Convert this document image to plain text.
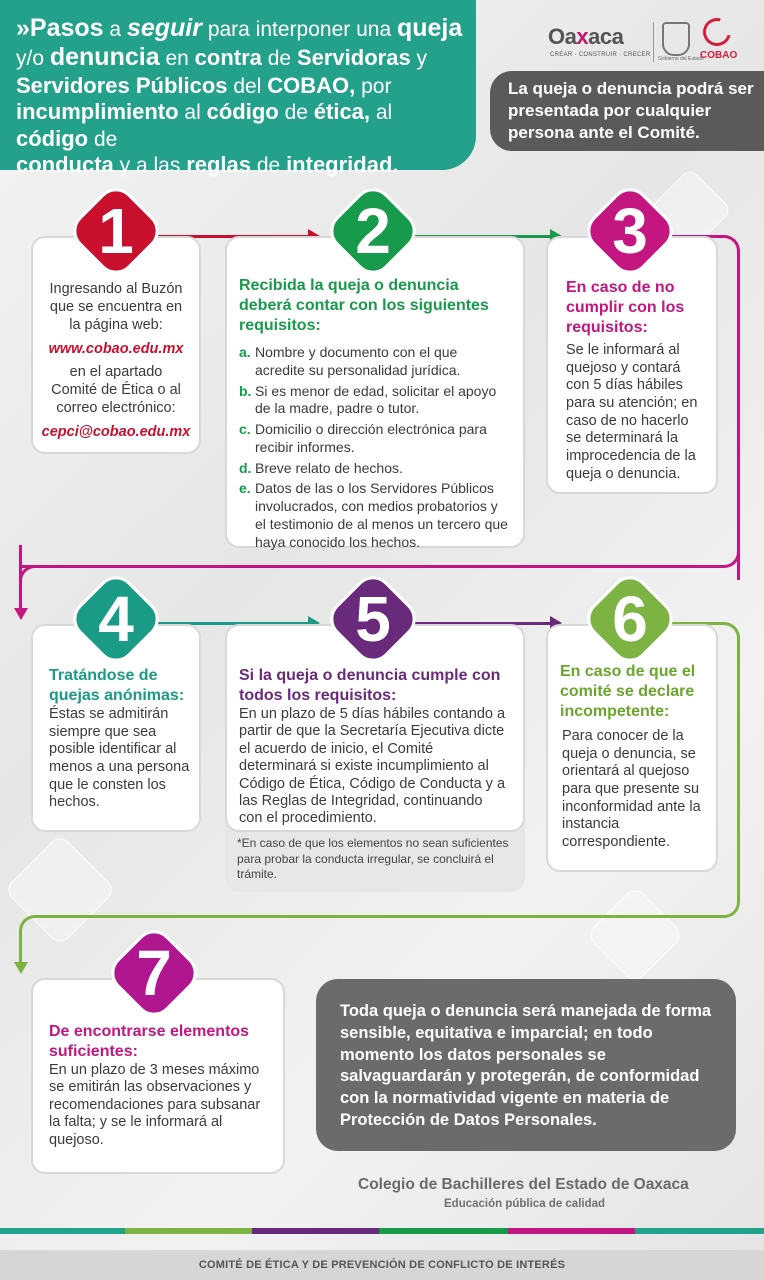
»Pasos a seguir para interponer una queja
y/o denuncia en contra de Servidoras y
Servidores Públicos del COBAO, por
incumplimiento al código de ética, al código de
conducta y a las reglas de integridad.
Oaxaca
CREAR · CONSTRUIR · CRECER
Gobierno del Estado
COBAO
La queja o denuncia podrá ser presentada por cualquier persona ante el Comité.
Ingresando al Buzón
que se encuentra en
la página web:
www.cobao.edu.mx
en el apartado
Comité de Ética o al
correo electrónico:
cepci@cobao.edu.mx
1
Recibida la queja o denuncia deberá contar con los siguientes requisitos:
a. Nombre y documento con el que acredite su personalidad jurídica.
b. Si es menor de edad, solicitar el apoyo de la madre, padre o tutor.
c. Domicilio o dirección electrónica para recibir informes.
d. Breve relato de hechos.
e. Datos de las o los Servidores Públicos involucrados, con medios probatorios y el testimonio de al menos un tercero que haya conocido los hechos.
2
En caso de no cumplir con los requisitos:
Se le informará al quejoso y contará con 5 días hábiles para su atención; en caso de no hacerlo se determinará la improcedencia de la queja o denuncia.
3
Tratándose de quejas anónimas:
Éstas se admitirán siempre que sea posible identificar al menos a una persona que le consten los hechos.
4
*En caso de que los elementos no sean suficientes para probar la conducta irregular, se concluirá el trámite.
Si la queja o denuncia cumple con todos los requisitos:
En un plazo de 5 días hábiles contando a partir de que la Secretaría Ejecutiva dicte el acuerdo de inicio, el Comité determinará si existe incumplimiento al Código de Ética, Código de Conducta y a las Reglas de Integridad, continuando con el procedimiento.
5
En caso de que el comité se declare incompetente:
Para conocer de la queja o denuncia, se orientará al quejoso para que presente su inconformidad ante la instancia correspondiente.
6
De encontrarse elementos suficientes:
En un plazo de 3 meses máximo se emitirán las observaciones y recomendaciones para subsanar la falta; y se le informará al quejoso.
7
Toda queja o denuncia será manejada de forma sensible, equitativa e imparcial; en todo momento los datos personales se salvaguardarán y protegerán, de conformidad con la normatividad vigente en materia de Protección de Datos Personales.
Colegio de Bachilleres del Estado de Oaxaca
Educación pública de calidad
COMITÉ DE ÉTICA Y DE PREVENCIÓN DE CONFLICTO DE INTERÉS
